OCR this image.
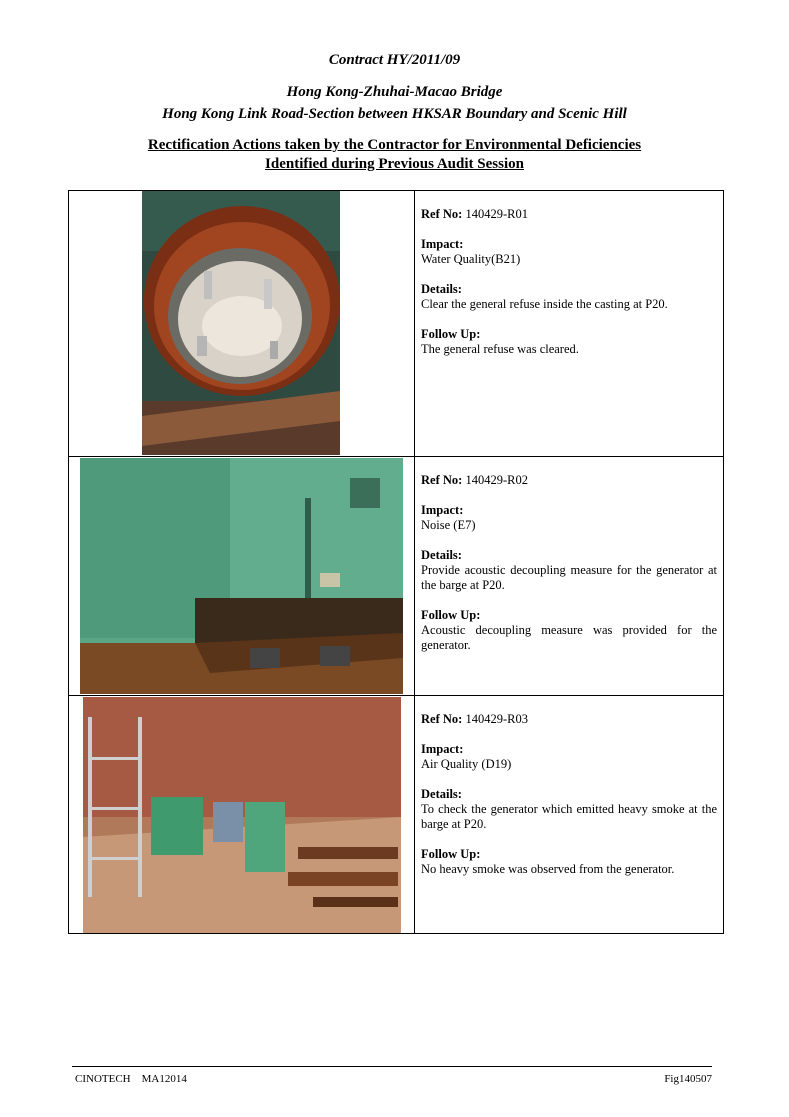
Contract HY/2011/09
Hong Kong-Zhuhai-Macao Bridge
Hong Kong Link Road-Section between HKSAR Boundary and Scenic Hill
Rectification Actions taken by the Contractor for Environmental Deficiencies
Identified during Previous Audit Session
Ref No: 140429-R01
Impact:
Water Quality(B21)
Details:
Clear the general refuse inside the casting at P20.
Follow Up:
The general refuse was cleared.
Ref No: 140429-R02
Impact:
Noise (E7)
Details:
Provide acoustic decoupling measure for the generator at the barge at P20.
Follow Up:
Acoustic decoupling measure was provided for the generator.
Ref No: 140429-R03
Impact:
Air Quality (D19)
Details:
To check the generator which emitted heavy smoke at the barge at P20.
Follow Up:
No heavy smoke was observed from the generator.
CINOTECH    MA12014	Fig140507
